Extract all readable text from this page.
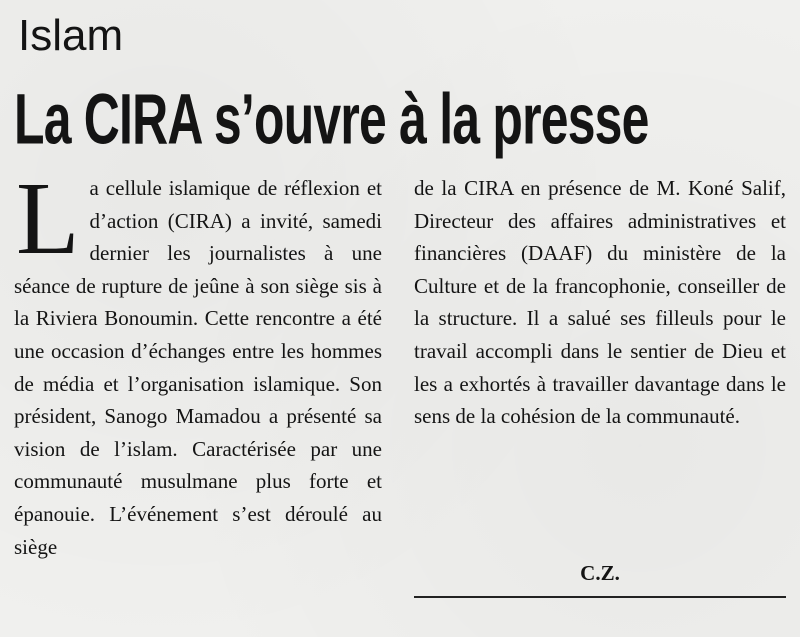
Islam
La CIRA s’ouvre à la presse
L a cellule islamique de réflexion et d’action (CIRA) a invité, samedi dernier les journalistes à une séance de rupture de jeûne à son siège sis à la Riviera Bonoumin. Cette rencontre a été une occasion d’échanges entre les hommes de média et l’organisation islamique. Son président, Sanogo Mamadou a présenté sa vision de l’islam. Caractérisée par une communauté musulmane plus forte et épanouie. L’événement s’est déroulé au siège
de la CIRA en présence de M. Koné Salif, Directeur des affaires administratives et financières (DAAF) du ministère de la Culture et de la francophonie, conseiller de la structure. Il a salué ses filleuls pour le travail accompli dans le sentier de Dieu et les a exhortés à travailler davantage dans le sens de la cohésion de la communauté.
C.Z.
